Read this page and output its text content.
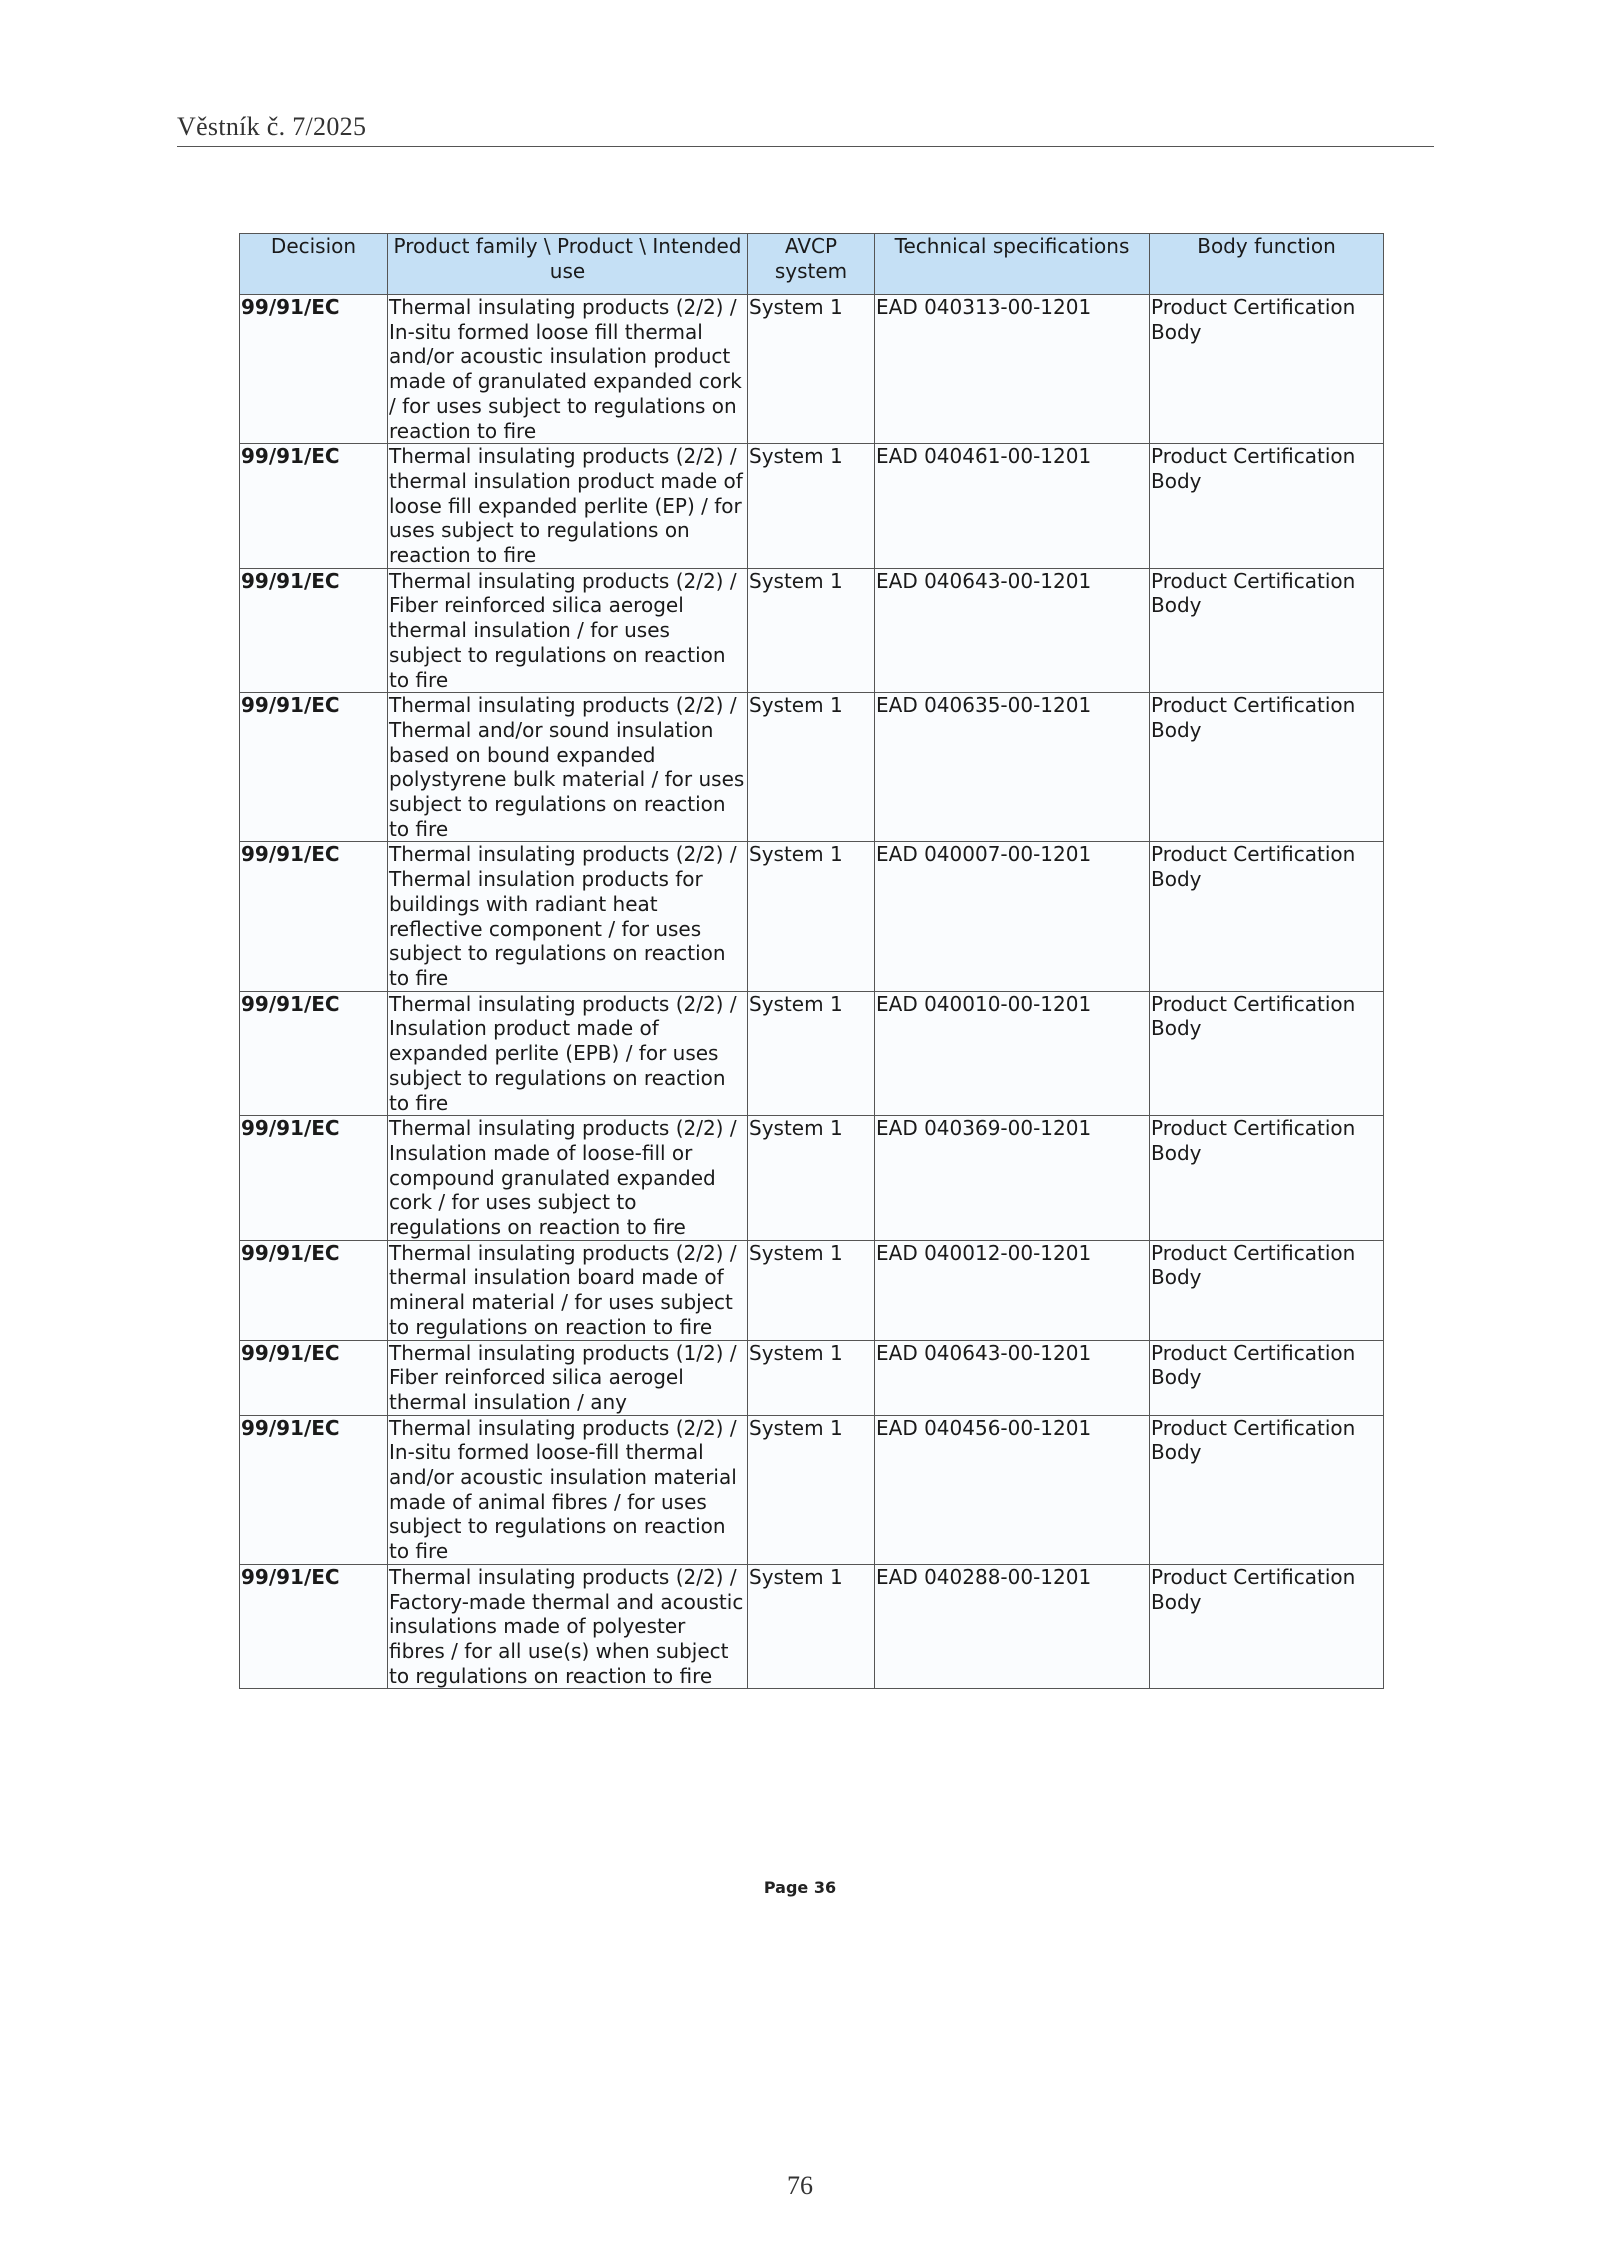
Věstník č. 7/2025
Decision	Product family \ Product \ Intended use	AVCP system	Technical specifications	Body function
99/91/EC	Thermal insulating products (2/2) / In-situ formed loose fill thermal and/or acoustic insulation product made of granulated expanded cork / for uses subject to regulations on reaction to fire	System 1	EAD 040313-00-1201	Product Certification Body
99/91/EC	Thermal insulating products (2/2) / thermal insulation product made of loose fill expanded perlite (EP) / for uses subject to regulations on reaction to fire	System 1	EAD 040461-00-1201	Product Certification Body
99/91/EC	Thermal insulating products (2/2) / Fiber reinforced silica aerogel thermal insulation / for uses subject to regulations on reaction to fire	System 1	EAD 040643-00-1201	Product Certification Body
99/91/EC	Thermal insulating products (2/2) / Thermal and/or sound insulation based on bound expanded polystyrene bulk material / for uses subject to regulations on reaction to fire	System 1	EAD 040635-00-1201	Product Certification Body
99/91/EC	Thermal insulating products (2/2) / Thermal insulation products for buildings with radiant heat reflective component / for uses subject to regulations on reaction to fire	System 1	EAD 040007-00-1201	Product Certification Body
99/91/EC	Thermal insulating products (2/2) / Insulation product made of expanded perlite (EPB) / for uses subject to regulations on reaction to fire	System 1	EAD 040010-00-1201	Product Certification Body
99/91/EC	Thermal insulating products (2/2) / Insulation made of loose-fill or compound granulated expanded cork / for uses subject to regulations on reaction to fire	System 1	EAD 040369-00-1201	Product Certification Body
99/91/EC	Thermal insulating products (2/2) / thermal insulation board made of mineral material / for uses subject to regulations on reaction to fire	System 1	EAD 040012-00-1201	Product Certification Body
99/91/EC	Thermal insulating products (1/2) / Fiber reinforced silica aerogel thermal insulation / any	System 1	EAD 040643-00-1201	Product Certification Body
99/91/EC	Thermal insulating products (2/2) / In-situ formed loose-fill thermal and/or acoustic insulation material made of animal fibres / for uses subject to regulations on reaction to fire	System 1	EAD 040456-00-1201	Product Certification Body
99/91/EC	Thermal insulating products (2/2) / Factory-made thermal and acoustic insulations made of polyester fibres / for all use(s) when subject to regulations on reaction to fire	System 1	EAD 040288-00-1201	Product Certification Body
Page 36
76
